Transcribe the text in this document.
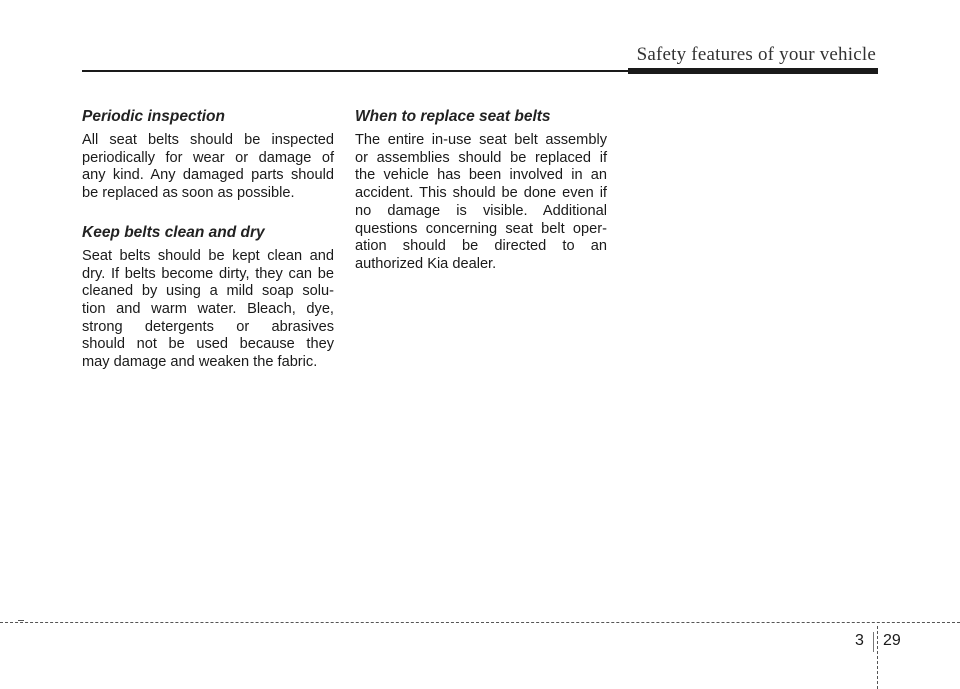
Safety features of your vehicle
Periodic inspection

All seat belts should be inspected
periodically for wear or damage of
any kind. Any damaged parts should
be replaced as soon as possible.

Keep belts clean and dry

Seat belts should be kept clean and
dry. If belts become dirty, they can be
cleaned by using a mild soap solu-
tion and warm water. Bleach, dye,
strong detergents or abrasives
should not be used because they
may damage and weaken the fabric.

When to replace seat belts

The entire in-use seat belt assembly
or assemblies should be replaced if
the vehicle has been involved in an
accident. This should be done even if
no damage is visible. Additional
questions concerning seat belt oper-
ation should be directed to an
authorized Kia dealer.

3 29
